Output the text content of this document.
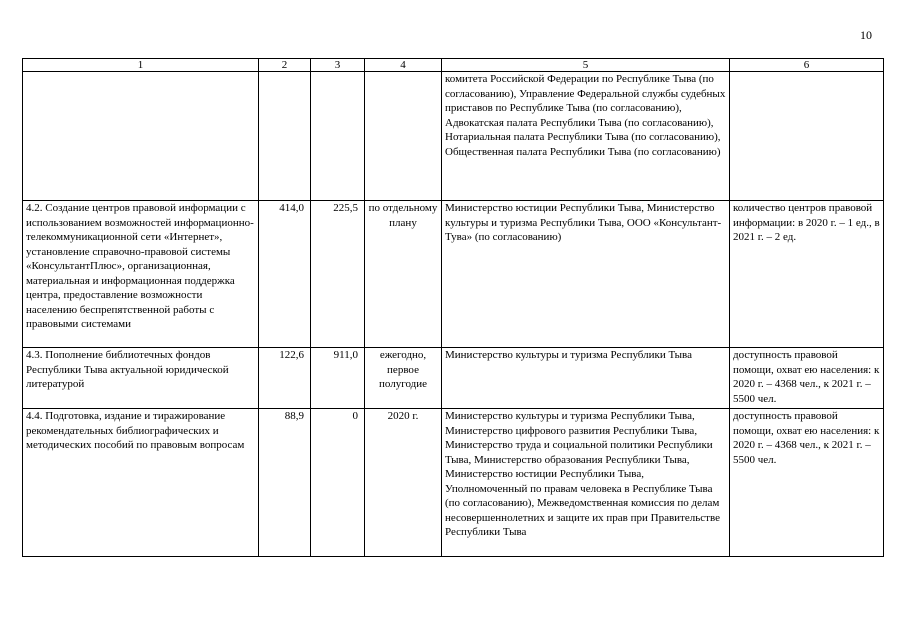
10
1	2	3	4	5	6
				комитета Российской Федерации по Республике Тыва (по согласованию), Управление Федеральной службы судебных приставов по Республике Тыва (по согласованию), Адвокатская палата Республики Тыва (по согласованию), Нотариальная палата Республики Тыва (по согласованию), Общественная палата Республики Тыва (по согласованию)	
4.2. Создание центров правовой информации с использованием возможностей информационно-телекоммуникационной сети «Интернет», установление справочно-правовой системы «КонсультантПлюс», организационная, материальная и информационная поддержка центра, предоставление возможности населению беспрепятственной работы с правовыми системами	414,0	225,5	по отдельному плану	Министерство юстиции Республики Тыва, Министерство культуры и туризма Республики Тыва, ООО «Консультант-Тува» (по согласованию)	количество центров правовой информации: в 2020 г. – 1 ед., в 2021 г. – 2 ед.
4.3. Пополнение библиотечных фондов Республики Тыва актуальной юридической литературой	122,6	911,0	ежегодно, первое полугодие	Министерство культуры и туризма Республики Тыва	доступность правовой помощи, охват ею населения: к 2020 г. – 4368 чел., к 2021 г. – 5500 чел.
4.4. Подготовка, издание и тиражирование рекомендательных библиографических и методических пособий по правовым вопросам	88,9	0	2020 г.	Министерство культуры и туризма Республики Тыва, Министерство цифрового развития Республики Тыва, Министерство труда и социальной политики Республики Тыва, Министерство образования Республики Тыва, Министерство юстиции Республики Тыва, Уполномоченный по правам человека в Республике Тыва (по согласованию), Межведомственная комиссия по делам несовершеннолетних и защите их прав при Правительстве Республики Тыва	доступность правовой помощи, охват ею населения: к 2020 г. – 4368 чел., к 2021 г. – 5500 чел.
